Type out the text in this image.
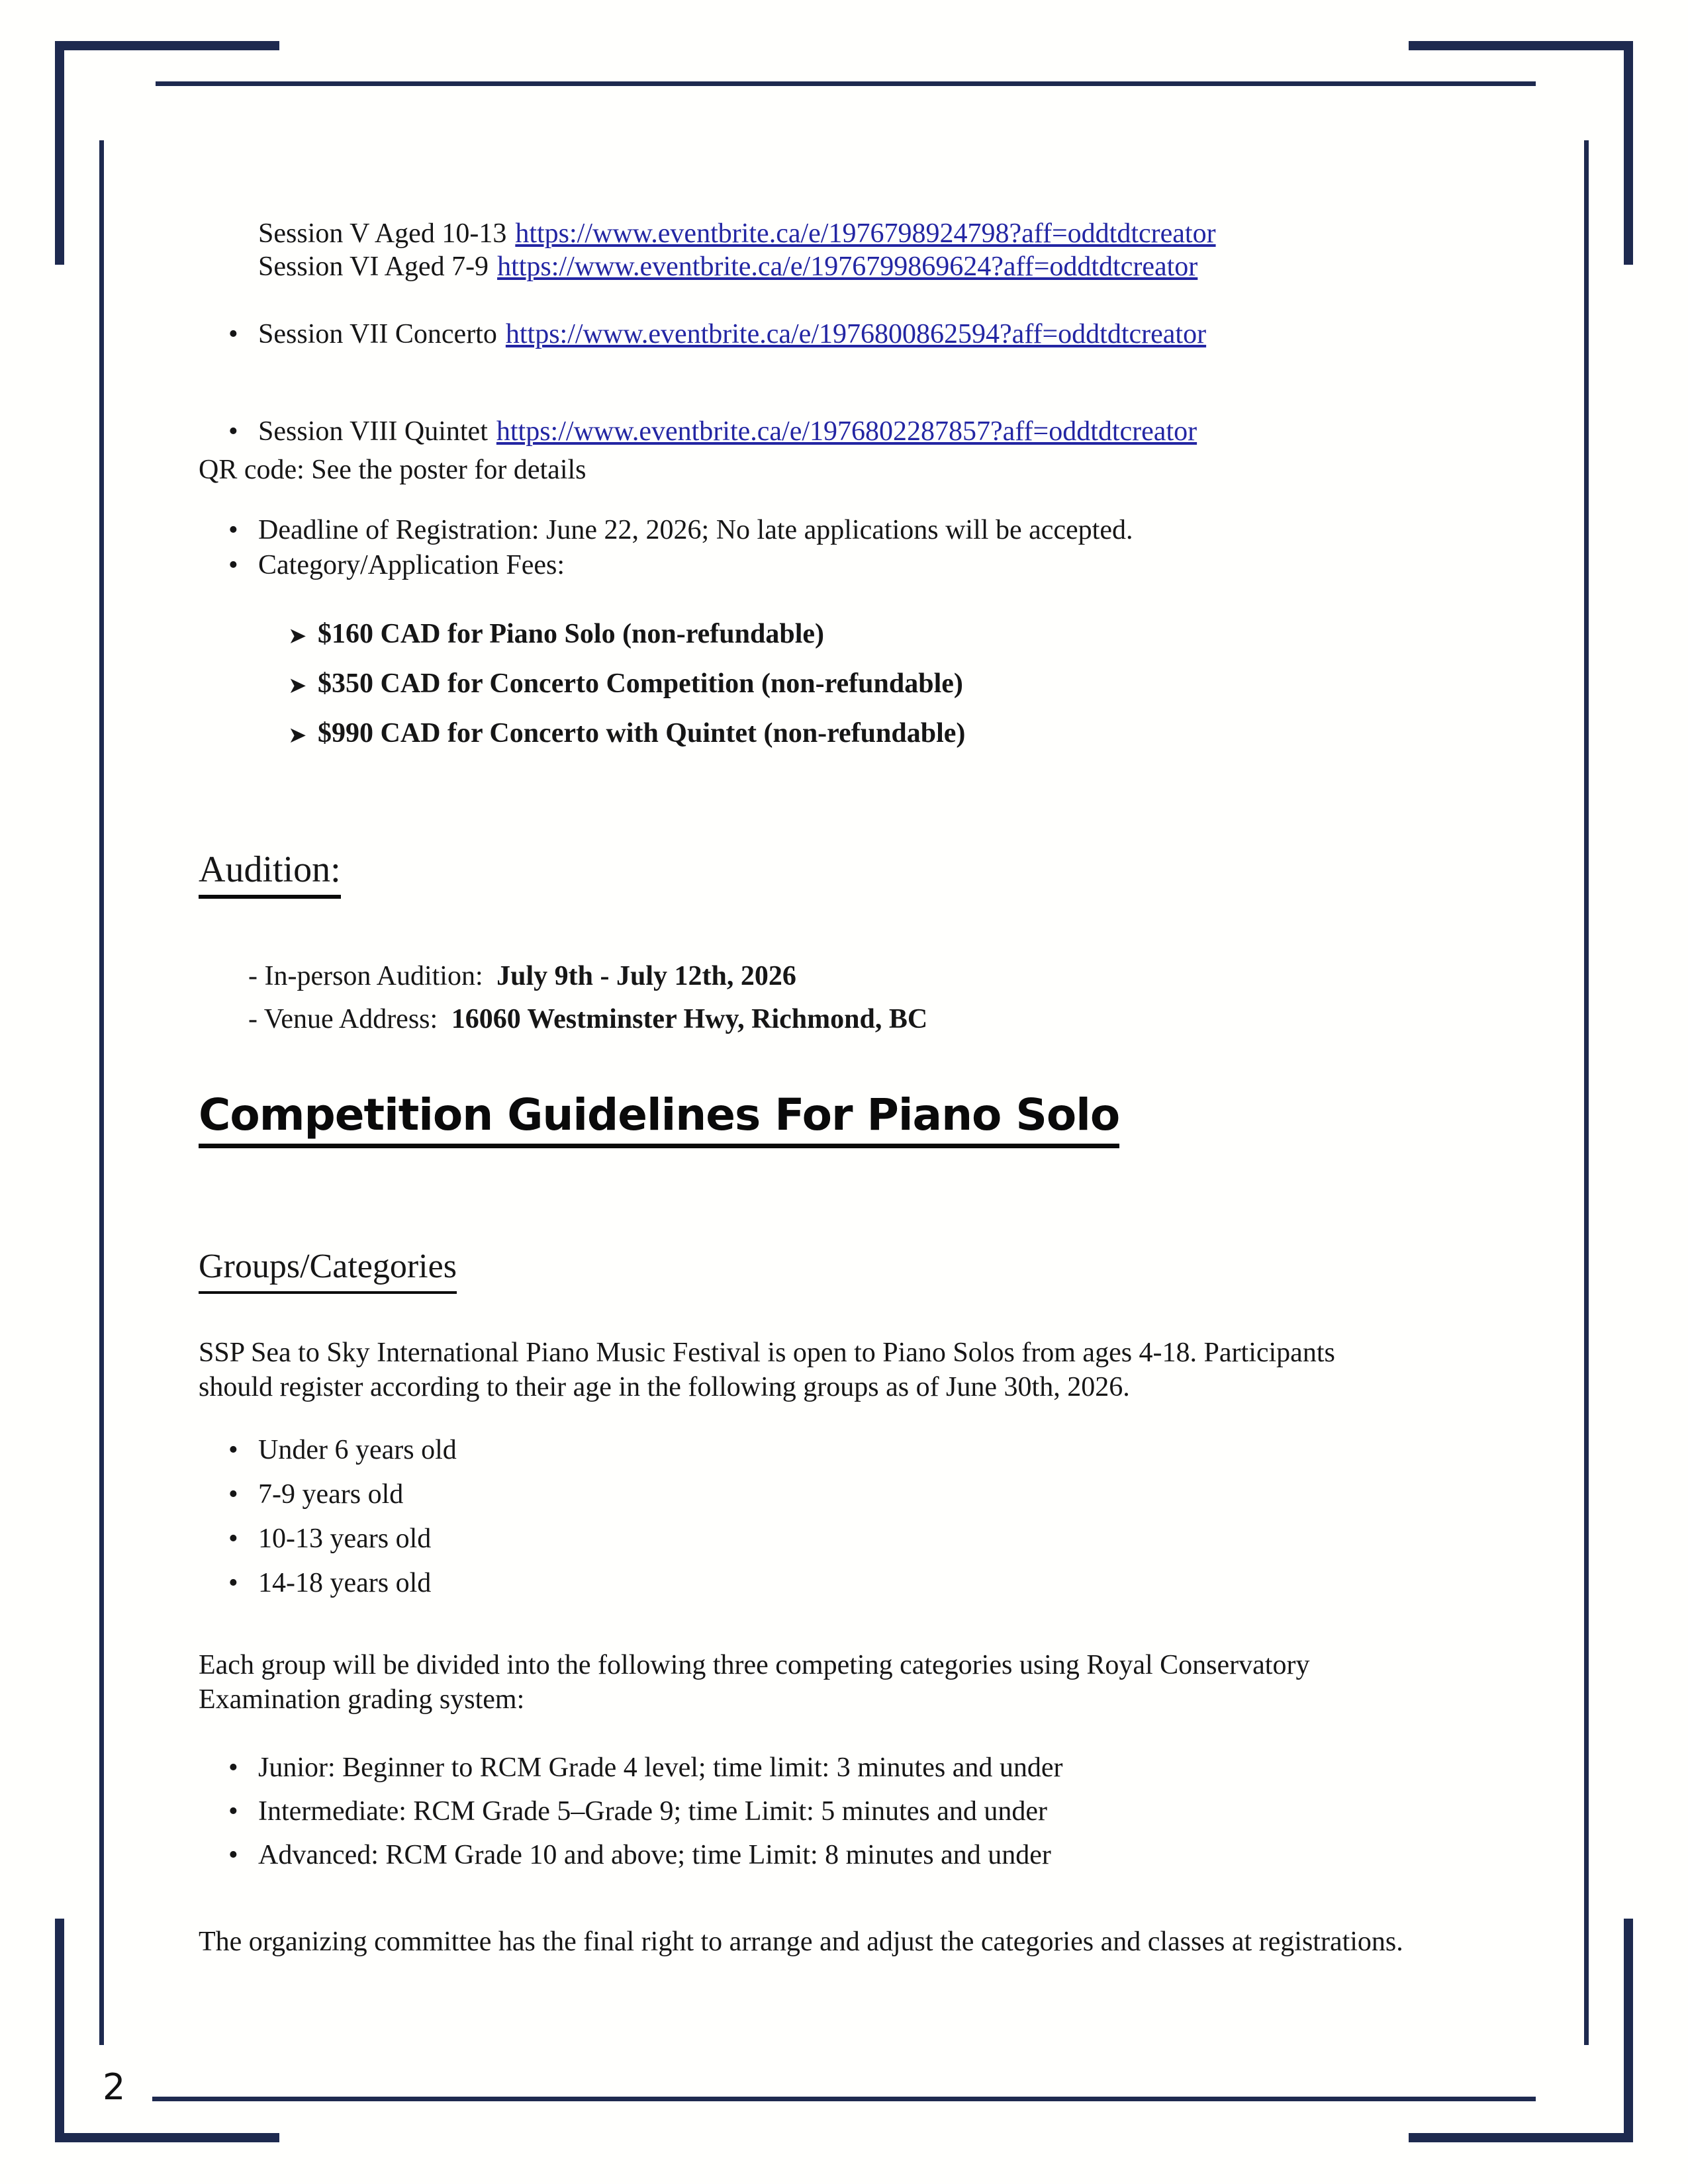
Session V Aged 10-13 https://www.eventbrite.ca/e/1976798924798?aff=oddtdtcreator
Session VI Aged 7-9 https://www.eventbrite.ca/e/1976799869624?aff=oddtdtcreator
• Session VII Concerto https://www.eventbrite.ca/e/1976800862594?aff=oddtdtcreator
• Session VIII Quintet https://www.eventbrite.ca/e/1976802287857?aff=oddtdtcreator
QR code: See the poster for details
• Deadline of Registration: June 22, 2026; No late applications will be accepted.
• Category/Application Fees:
➤ $160 CAD for Piano Solo (non-refundable)
➤ $350 CAD for Concerto Competition (non-refundable)
➤ $990 CAD for Concerto with Quintet (non-refundable)
Audition:
- In-person Audition: July 9th - July 12th, 2026
- Venue Address: 16060 Westminster Hwy, Richmond, BC
Competition Guidelines For Piano Solo
Groups/Categories
SSP Sea to Sky International Piano Music Festival is open to Piano Solos from ages 4-18. Participants should register according to their age in the following groups as of June 30th, 2026.
• Under 6 years old
• 7-9 years old
• 10-13 years old
• 14-18 years old
Each group will be divided into the following three competing categories using Royal Conservatory Examination grading system:
• Junior: Beginner to RCM Grade 4 level; time limit: 3 minutes and under
• Intermediate: RCM Grade 5–Grade 9; time Limit: 5 minutes and under
• Advanced: RCM Grade 10 and above; time Limit: 8 minutes and under
The organizing committee has the final right to arrange and adjust the categories and classes at registrations.
2
